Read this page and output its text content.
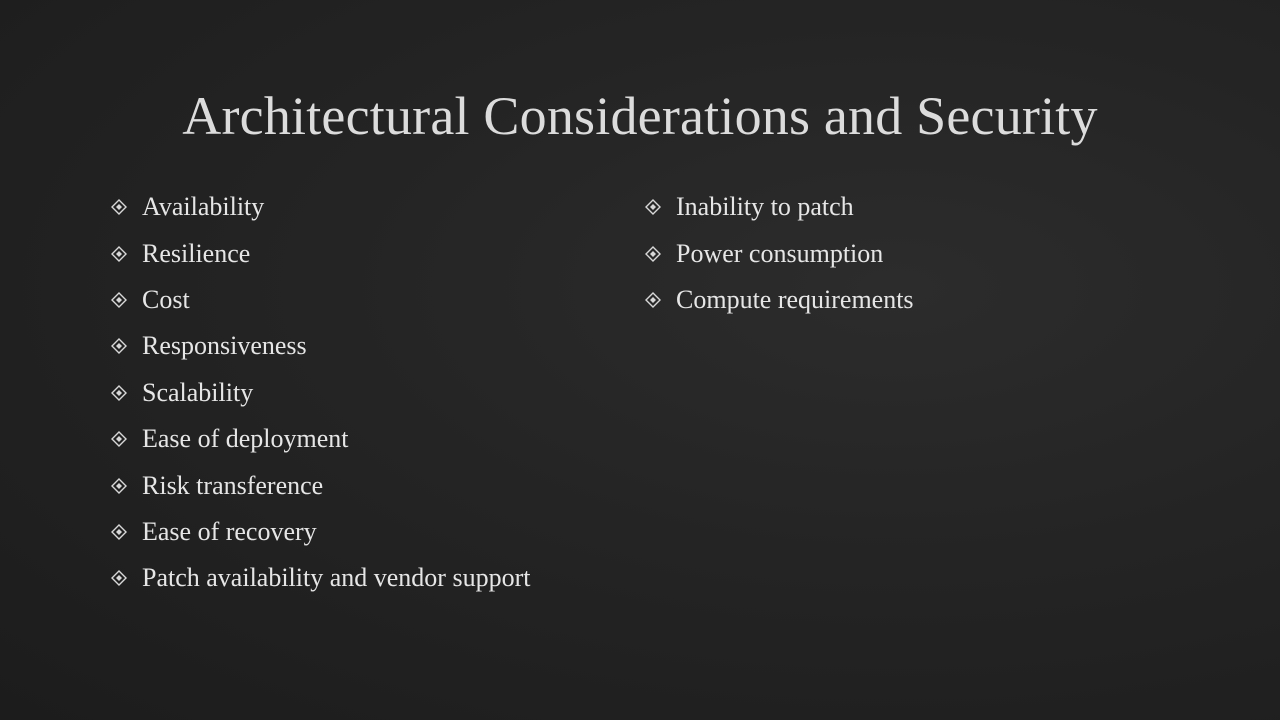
Architectural Considerations and Security
Availability
Resilience
Cost
Responsiveness
Scalability
Ease of deployment
Risk transference
Ease of recovery
Patch availability and vendor support
Inability to patch
Power consumption
Compute requirements
